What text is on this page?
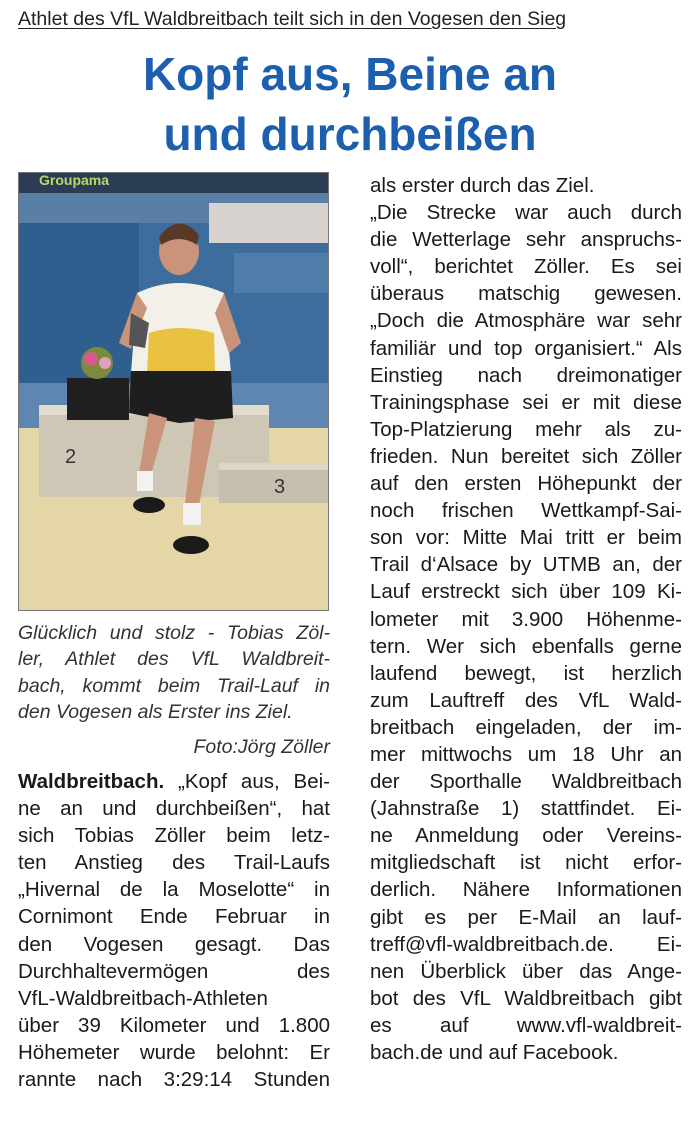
Athlet des VfL Waldbreitbach teilt sich in den Vogesen den Sieg
Kopf aus, Beine an
und durchbeißen
Groupama
2
3
Glücklich und stolz - Tobias Zöl-
ler, Athlet des VfL Waldbreit-
bach, kommt beim Trail-Lauf in
den Vogesen als Erster ins Ziel.
Foto:Jörg Zöller
Waldbreitbach. „Kopf aus, Bei-
ne an und durchbeißen“, hat
sich Tobias Zöller beim letz-
ten Anstieg des Trail-Laufs
„Hivernal de la Moselotte“ in
Cornimont Ende Februar in
den Vogesen gesagt. Das
Durchhaltevermögen des
VfL-Waldbreitbach-Athleten
über 39 Kilometer und 1.800
Höhemeter wurde belohnt: Er
rannte nach 3:29:14 Stunden
als erster durch das Ziel.
„Die Strecke war auch durch
die Wetterlage sehr anspruchs-
voll“, berichtet Zöller. Es sei
überaus matschig gewesen.
„Doch die Atmosphäre war sehr
familiär und top organisiert.“ Als
Einstieg nach dreimonatiger
Trainingsphase sei er mit diese
Top-Platzierung mehr als zu-
frieden. Nun bereitet sich Zöller
auf den ersten Höhepunkt der
noch frischen Wettkampf-Sai-
son vor: Mitte Mai tritt er beim
Trail d‘Alsace by UTMB an, der
Lauf erstreckt sich über 109 Ki-
lometer mit 3.900 Höhenme-
tern. Wer sich ebenfalls gerne
laufend bewegt, ist herzlich
zum Lauftreff des VfL Wald-
breitbach eingeladen, der im-
mer mittwochs um 18 Uhr an
der Sporthalle Waldbreitbach
(Jahnstraße 1) stattfindet. Ei-
ne Anmeldung oder Vereins-
mitgliedschaft ist nicht erfor-
derlich. Nähere Informationen
gibt es per E-Mail an lauf-
treff@vfl-waldbreitbach.de. Ei-
nen Überblick über das Ange-
bot des VfL Waldbreitbach gibt
es auf www.vfl-waldbreit-
bach.de und auf Facebook.
